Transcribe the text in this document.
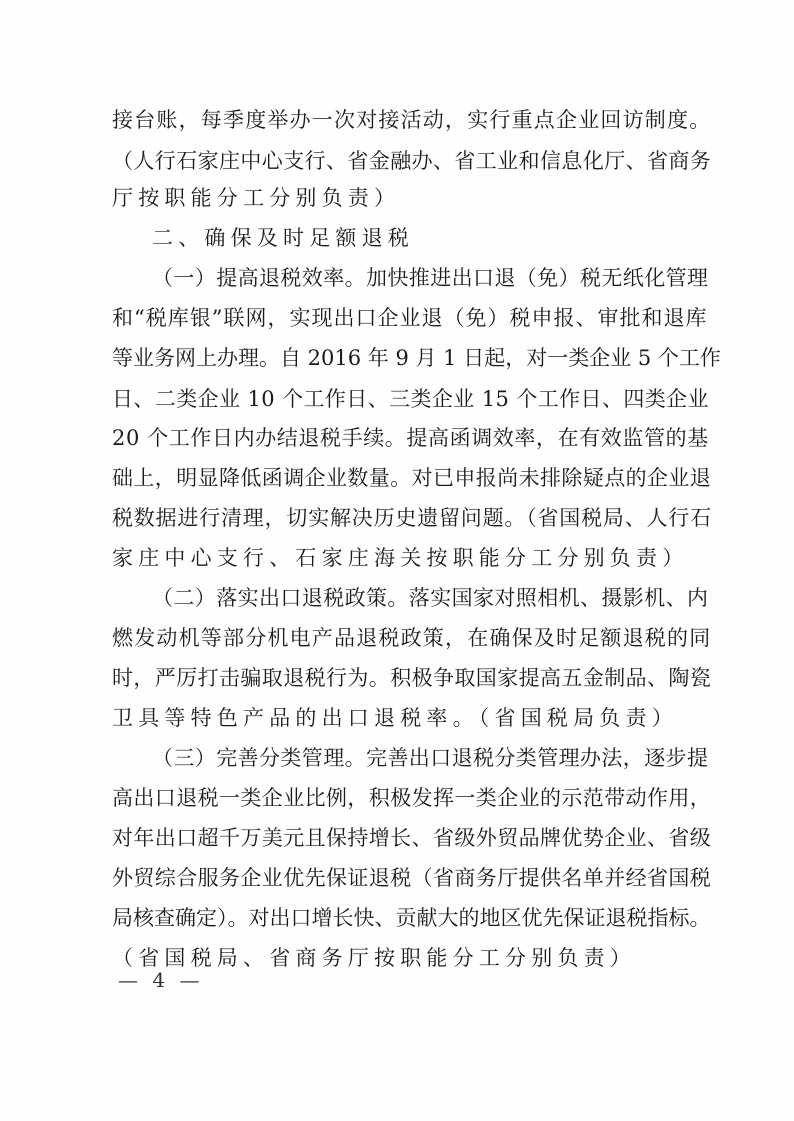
接台账，每季度举办一次对接活动，实行重点企业回访制度。
（人行石家庄中心支行、省金融办、省工业和信息化厅、省商务
厅按职能分工分别负责）
二、确保及时足额退税
（一）提高退税效率。加快推进出口退（免）税无纸化管理
和“税库银”联网，实现出口企业退（免）税申报、审批和退库
等业务网上办理。自 2016 年 9 月 1 日起，对一类企业 5 个工作
日、二类企业 10 个工作日、三类企业 15 个工作日、四类企业
20 个工作日内办结退税手续。提高函调效率，在有效监管的基
础上，明显降低函调企业数量。对已申报尚未排除疑点的企业退
税数据进行清理，切实解决历史遗留问题。（省国税局、人行石
家庄中心支行、石家庄海关按职能分工分别负责）
（二）落实出口退税政策。落实国家对照相机、摄影机、内
燃发动机等部分机电产品退税政策，在确保及时足额退税的同
时，严厉打击骗取退税行为。积极争取国家提高五金制品、陶瓷
卫具等特色产品的出口退税率。（省国税局负责）
（三）完善分类管理。完善出口退税分类管理办法，逐步提
高出口退税一类企业比例，积极发挥一类企业的示范带动作用，
对年出口超千万美元且保持增长、省级外贸品牌优势企业、省级
外贸综合服务企业优先保证退税（省商务厅提供名单并经省国税
局核查确定）。对出口增长快、贡献大的地区优先保证退税指标。
（省国税局、省商务厅按职能分工分别负责）
— 4 —
